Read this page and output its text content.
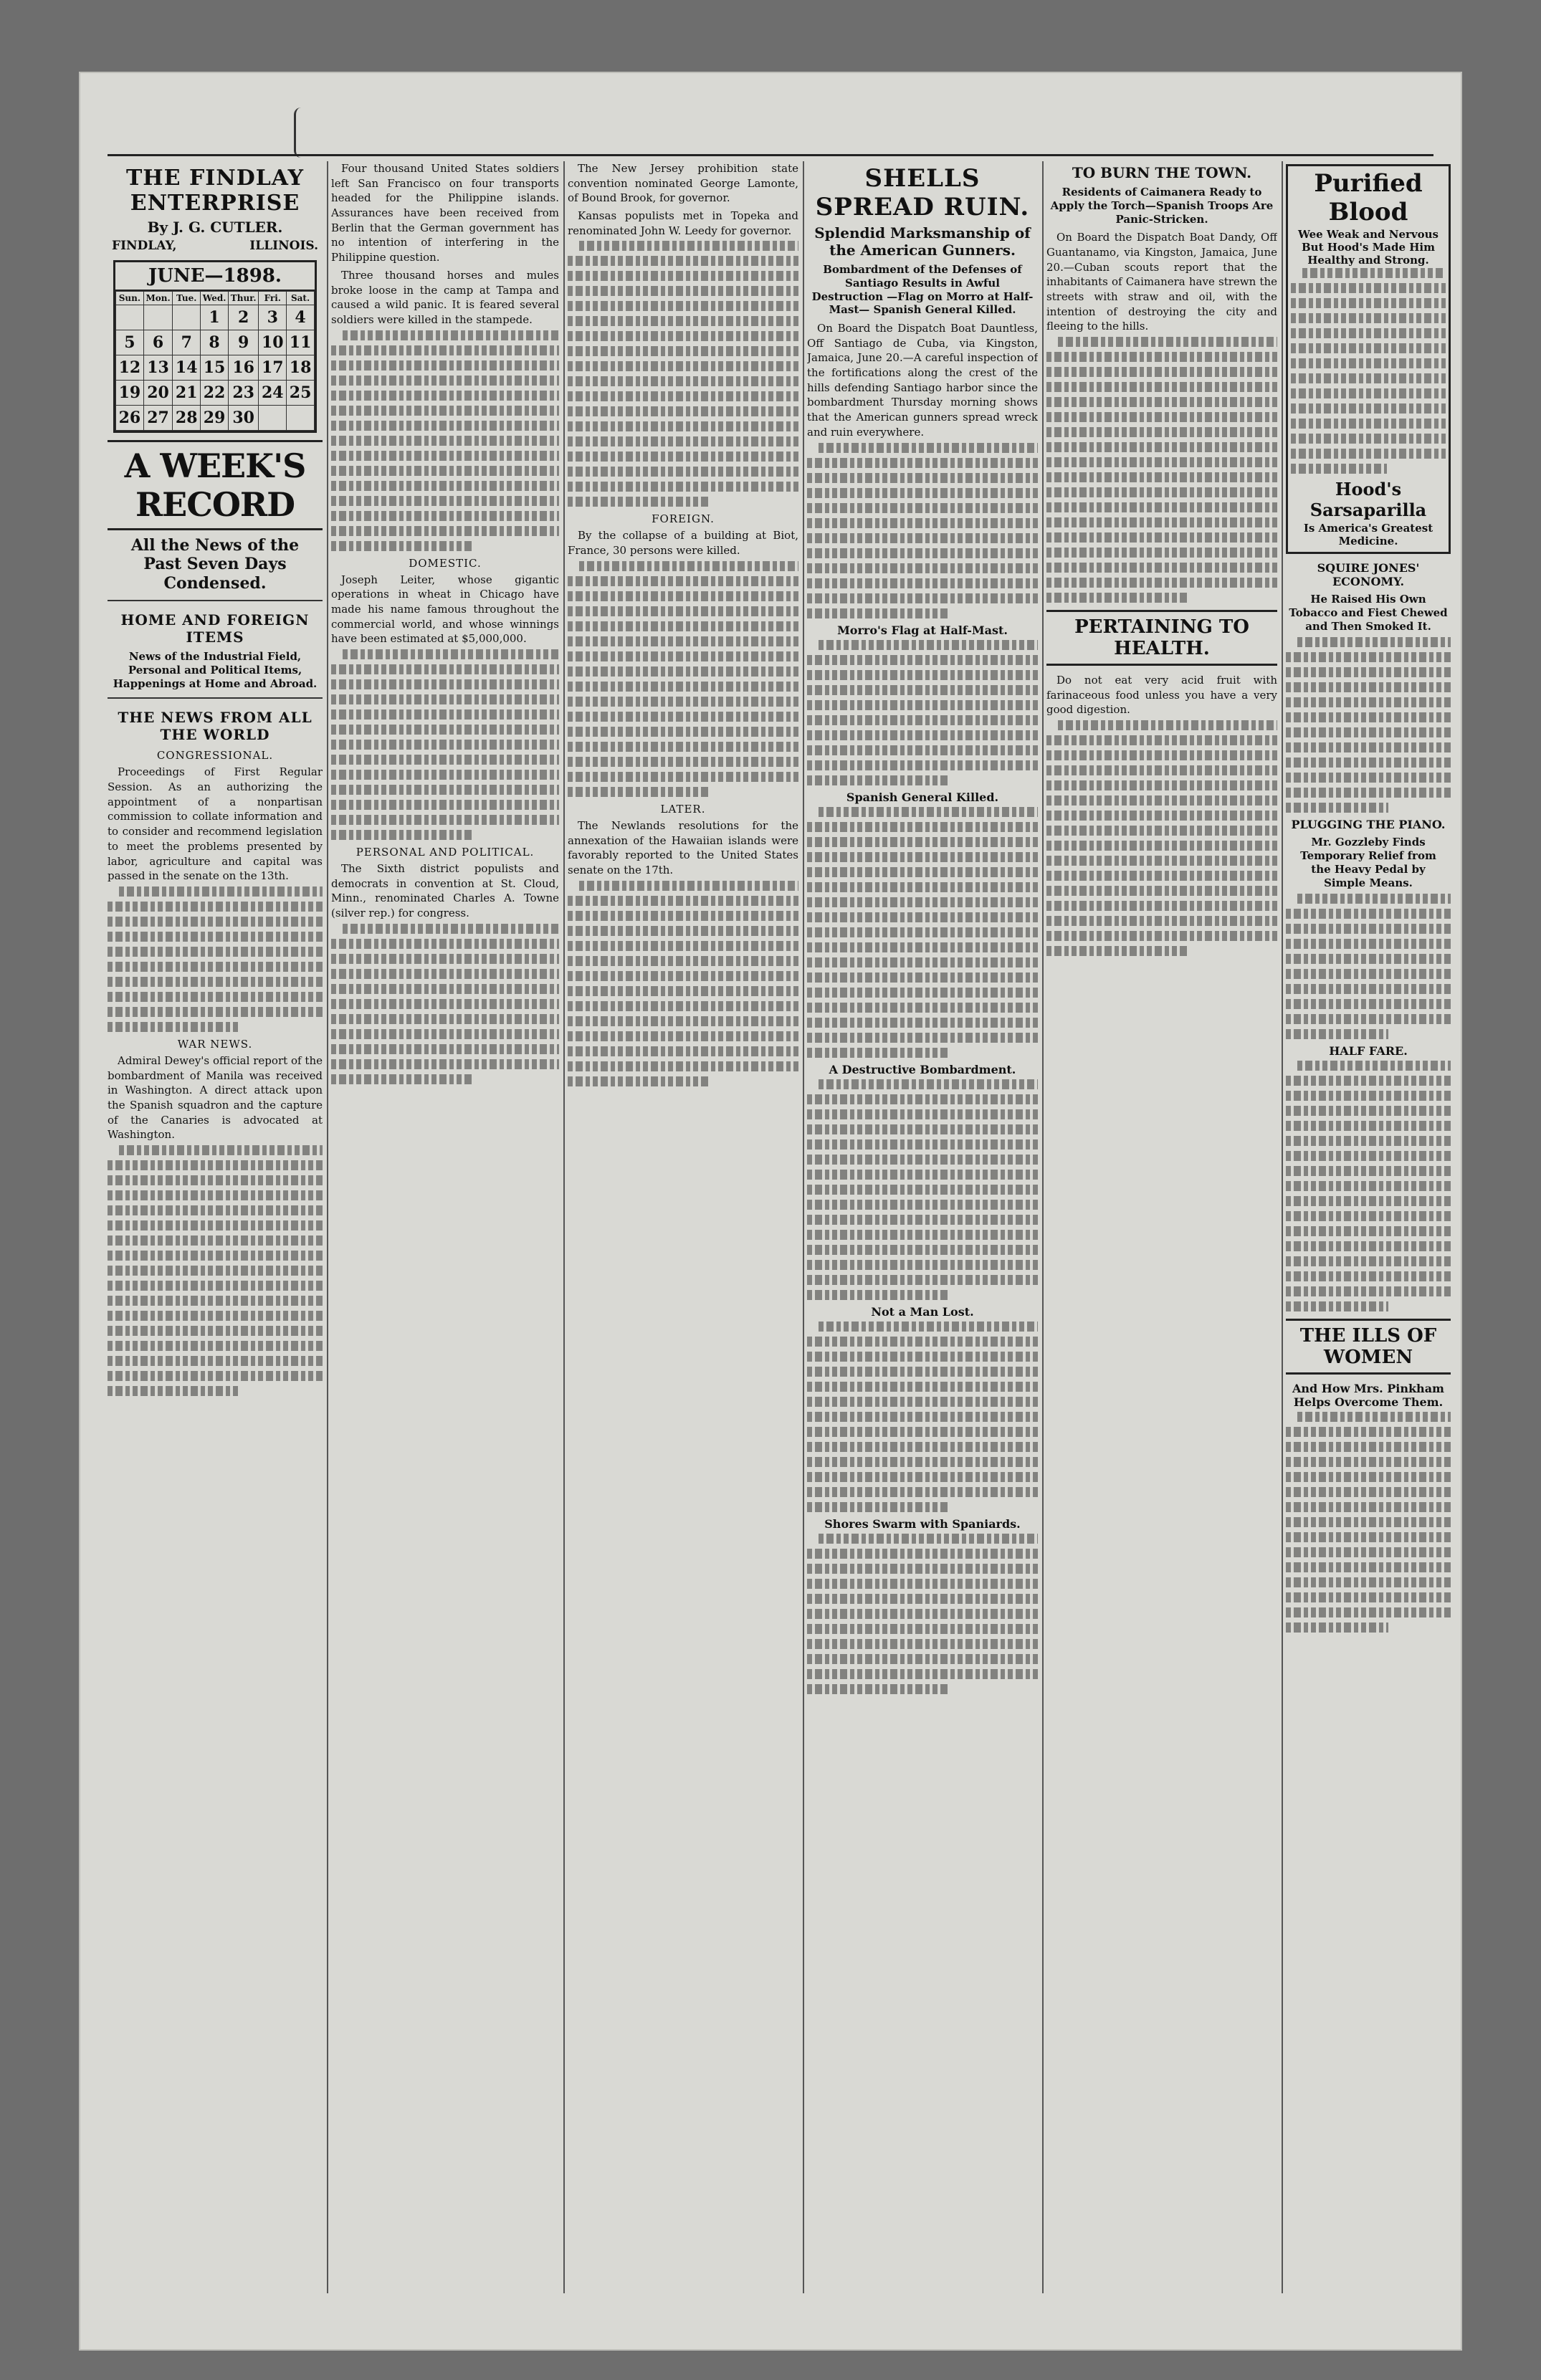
THE FINDLAY ENTERPRISE
By J. G. CUTLER.
FINDLAY,	ILLINOIS.
JUNE—1898.
Sun.	Mon.	Tue.	Wed.	Thur.	Fri.	Sat.
			1	2	3	4
5	6	7	8	9	10	11
12	13	14	15	16	17	18
19	20	21	22	23	24	25
26	27	28	29	30		
A WEEK'S RECORD
All the News of the Past Seven Days Condensed.
HOME AND FOREIGN ITEMS
News of the Industrial Field, Personal and Political Items, Happenings at Home and Abroad.
THE NEWS FROM ALL THE WORLD
CONGRESSIONAL.

Proceedings of First Regular Session. As an authorizing the appointment of a nonpartisan commission to collate information and to consider and recommend legislation to meet the problems presented by labor, agriculture and capital was passed in the senate on the 13th.

WAR NEWS.

Admiral Dewey's official report of the bombardment of Manila was received in Washington. A direct attack upon the Spanish squadron and the capture of the Canaries is advocated at Washington.

Four thousand United States soldiers left San Francisco on four transports headed for the Philippine islands. Assurances have been received from Berlin that the German government has no intention of interfering in the Philippine question.

Three thousand horses and mules broke loose in the camp at Tampa and caused a wild panic. It is feared several soldiers were killed in the stampede.

DOMESTIC.

Joseph Leiter, whose gigantic operations in wheat in Chicago have made his name famous throughout the commercial world, and whose winnings have been estimated at $5,000,000.

PERSONAL AND POLITICAL.

The Sixth district populists and democrats in convention at St. Cloud, Minn., renominated Charles A. Towne (silver rep.) for congress.

The New Jersey prohibition state convention nominated George Lamonte, of Bound Brook, for governor.

Kansas populists met in Topeka and renominated John W. Leedy for governor.

FOREIGN.

By the collapse of a building at Biot, France, 30 persons were killed.

LATER.

The Newlands resolutions for the annexation of the Hawaiian islands were favorably reported to the United States senate on the 17th.

SHELLS SPREAD RUIN.
Splendid Marksmanship of the American Gunners.
Bombardment of the Defenses of Santiago Results in Awful Destruction —Flag on Morro at Half-Mast— Spanish General Killed.

On Board the Dispatch Boat Dauntless, Off Santiago de Cuba, via Kingston, Jamaica, June 20.—A careful inspection of the fortifications along the crest of the hills defending Santiago harbor since the bombardment Thursday morning shows that the American gunners spread wreck and ruin everywhere.

Morro's Flag at Half-Mast.
Spanish General Killed.
A Destructive Bombardment.
Not a Man Lost.
Shores Swarm with Spaniards.
TO BURN THE TOWN.
Residents of Caimanera Ready to Apply the Torch—Spanish Troops Are Panic-Stricken.

On Board the Dispatch Boat Dandy, Off Guantanamo, via Kingston, Jamaica, June 20.—Cuban scouts report that the inhabitants of Caimanera have strewn the streets with straw and oil, with the intention of destroying the city and fleeing to the hills.

PERTAINING TO HEALTH.

Do not eat very acid fruit with farinaceous food unless you have a very good digestion.

Purified Blood
Wee Weak and Nervous But Hood's Made Him Healthy and Strong.
Hood's Sarsaparilla
Is America's Greatest Medicine.
SQUIRE JONES' ECONOMY.
He Raised His Own Tobacco and Fiest Chewed and Then Smoked It.
PLUGGING THE PIANO.
Mr. Gozzleby Finds Temporary Relief from the Heavy Pedal by Simple Means.
HALF FARE.
THE ILLS OF WOMEN
And How Mrs. Pinkham Helps Overcome Them.
